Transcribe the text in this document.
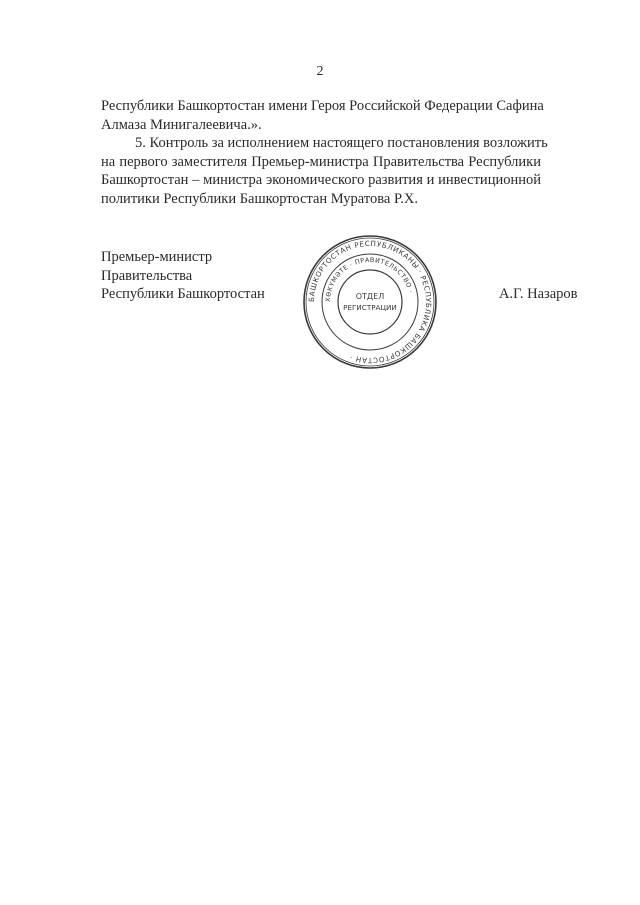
2
Республики Башкортостан имени Героя Российской Федерации Сафина
Алмаза Минигалеевича.».
5. Контроль за исполнением настоящего постановления возложить
на первого заместителя Премьер-министра Правительства Республики
Башкортостан – министра экономического развития и инвестиционной
политики Республики Башкортостан Муратова Р.Х.
Премьер-министр
Правительства
Республики Башкортостан	БАШКОРТОСТАН РЕСПУБЛИКАНЫ · РЕСПУБЛИКА БАШКОРТОСТАН ·
ХӨКҮМӘТЕ · ПРАВИТЕЛЬСТВО ·
ОТДЕЛ
РЕГИСТРАЦИИ
А.Г. Назаров
